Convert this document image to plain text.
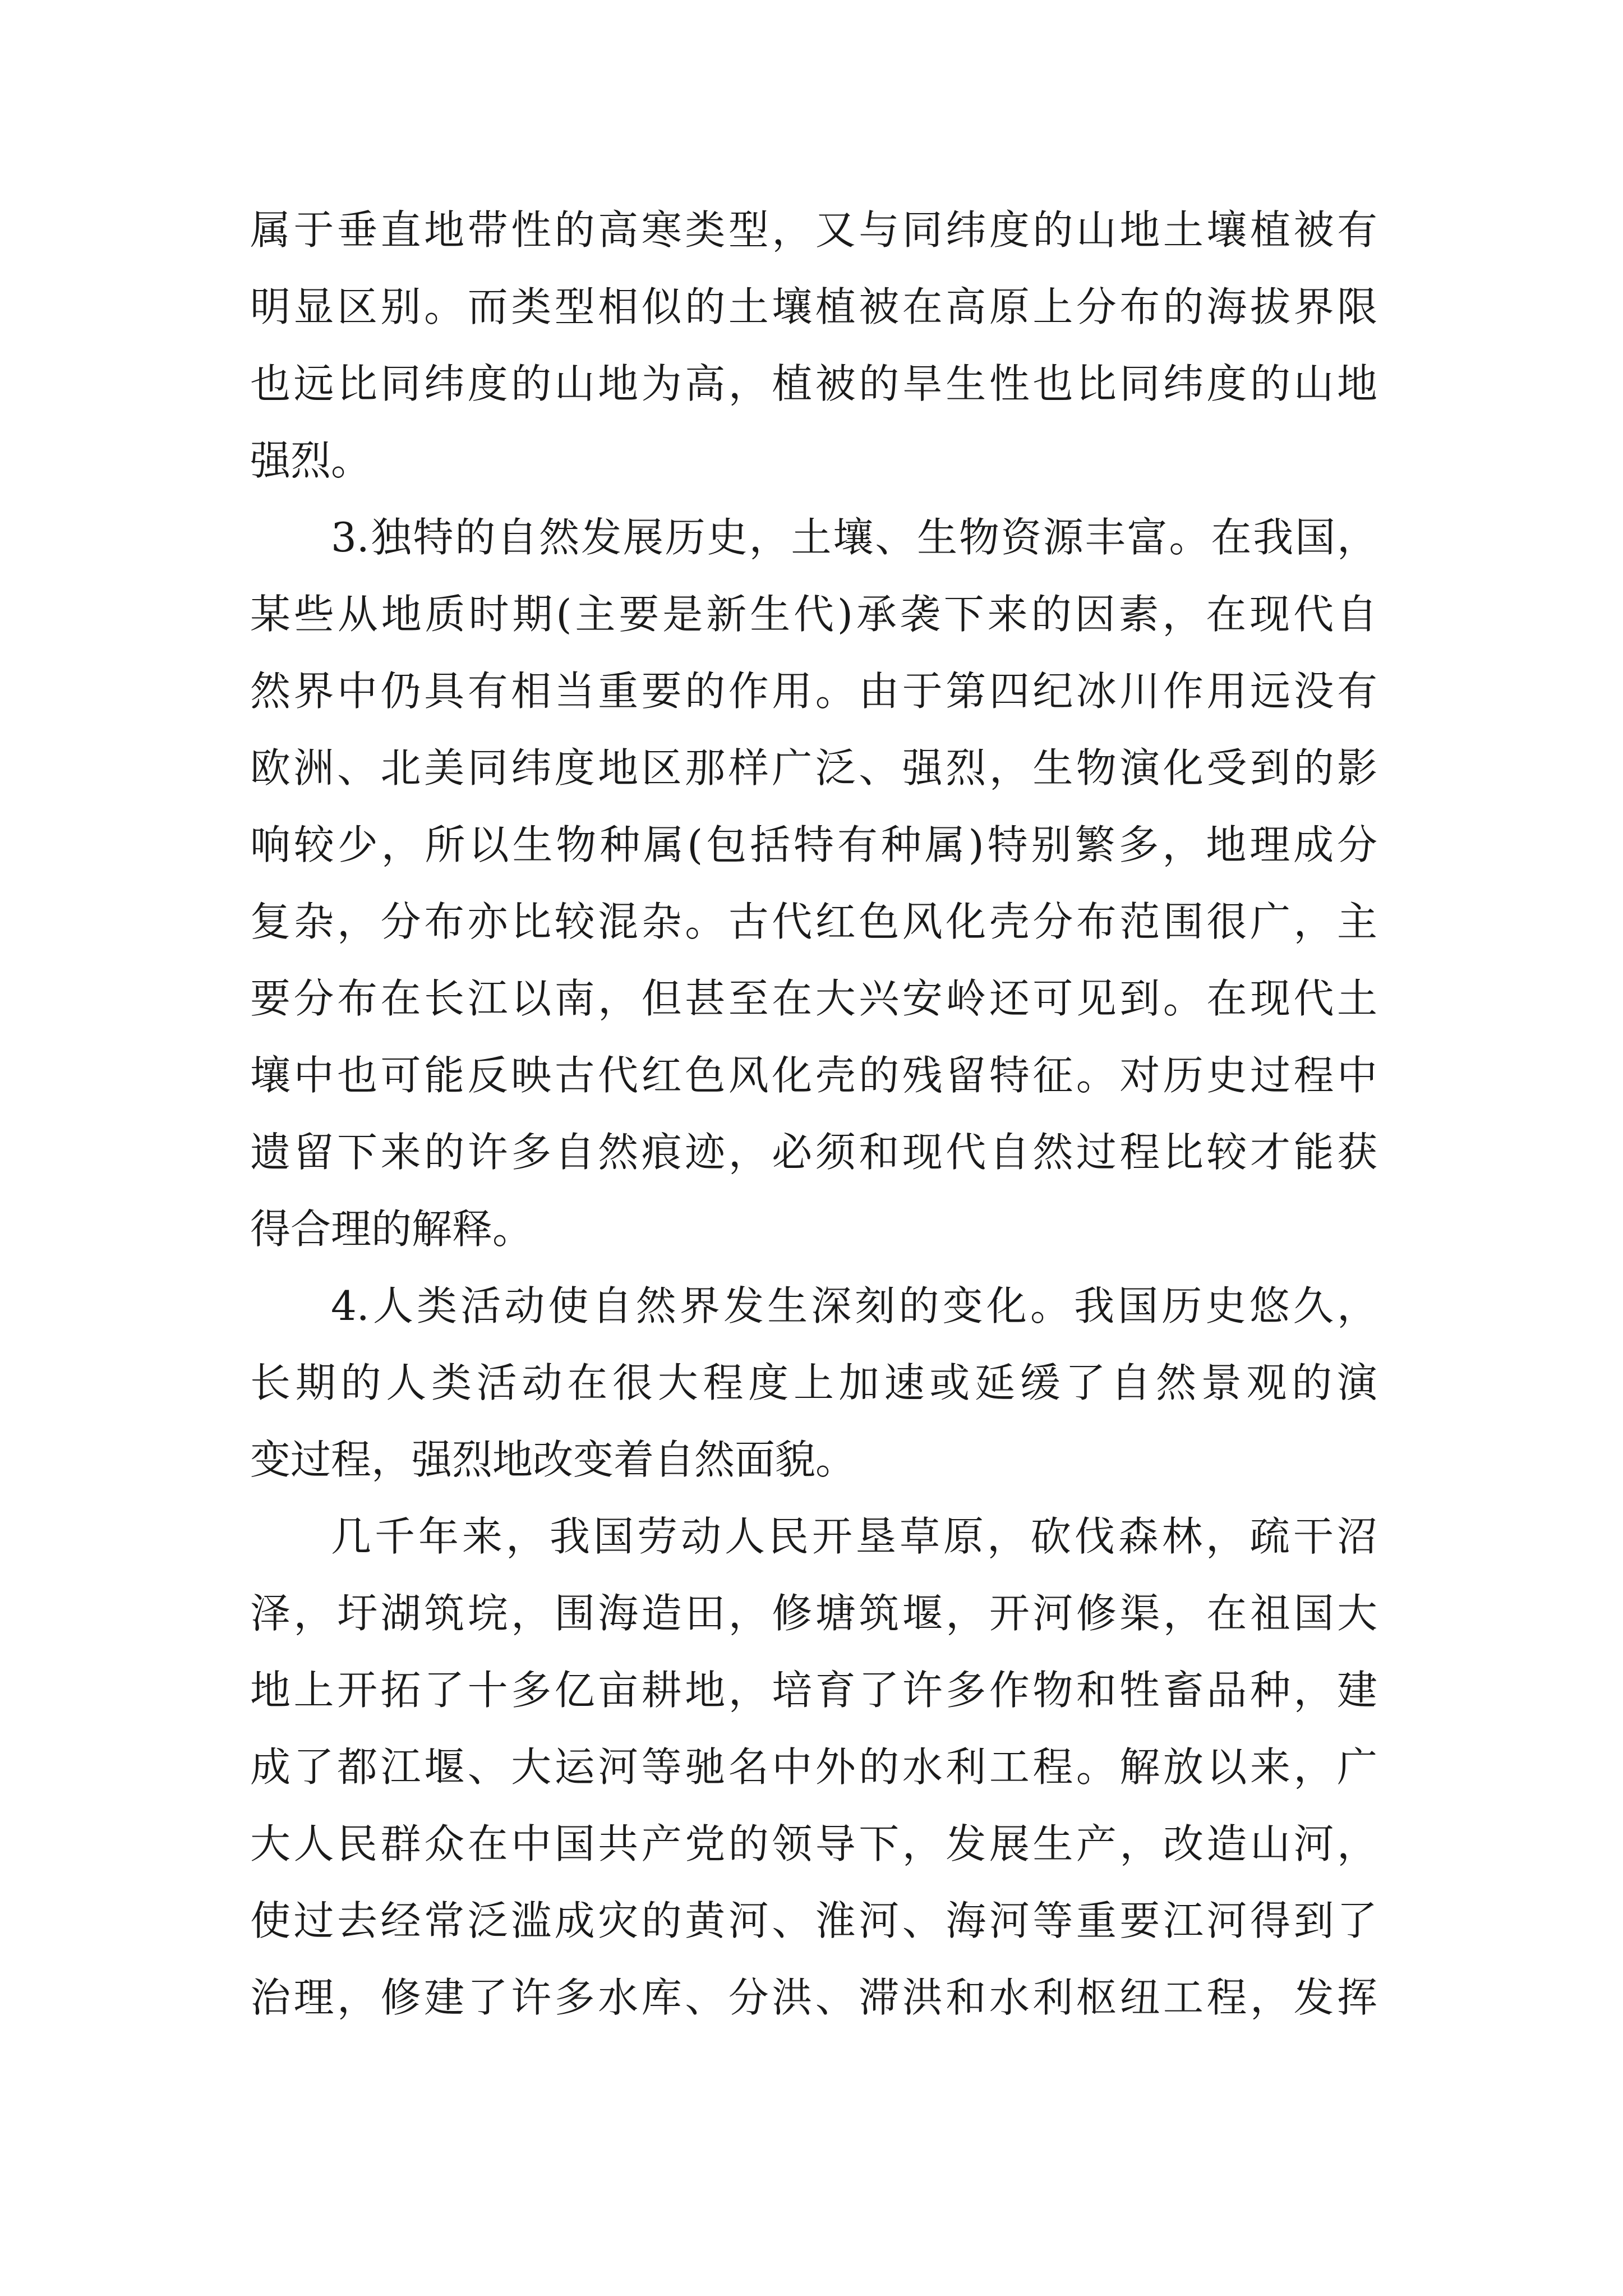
属于垂直地带性的高寒类型，又与同纬度的山地土壤植被有

明显区别。而类型相似的土壤植被在高原上分布的海拔界限

也远比同纬度的山地为高，植被的旱生性也比同纬度的山地

强烈。

3.独特的自然发展历史，土壤、生物资源丰富。在我国，

某些从地质时期(主要是新生代)承袭下来的因素，在现代自

然界中仍具有相当重要的作用。由于第四纪冰川作用远没有

欧洲、北美同纬度地区那样广泛、强烈，生物演化受到的影

响较少，所以生物种属(包括特有种属)特别繁多，地理成分

复杂，分布亦比较混杂。古代红色风化壳分布范围很广，主

要分布在长江以南，但甚至在大兴安岭还可见到。在现代土

壤中也可能反映古代红色风化壳的残留特征。对历史过程中

遗留下来的许多自然痕迹，必须和现代自然过程比较才能获

得合理的解释。

4.人类活动使自然界发生深刻的变化。我国历史悠久，

长期的人类活动在很大程度上加速或延缓了自然景观的演

变过程，强烈地改变着自然面貌。

几千年来，我国劳动人民开垦草原，砍伐森林，疏干沼

泽，圩湖筑垸，围海造田，修塘筑堰，开河修渠，在祖国大

地上开拓了十多亿亩耕地，培育了许多作物和牲畜品种，建

成了都江堰、大运河等驰名中外的水利工程。解放以来，广

大人民群众在中国共产党的领导下，发展生产，改造山河，

使过去经常泛滥成灾的黄河、淮河、海河等重要江河得到了

治理，修建了许多水库、分洪、滞洪和水利枢纽工程，发挥
